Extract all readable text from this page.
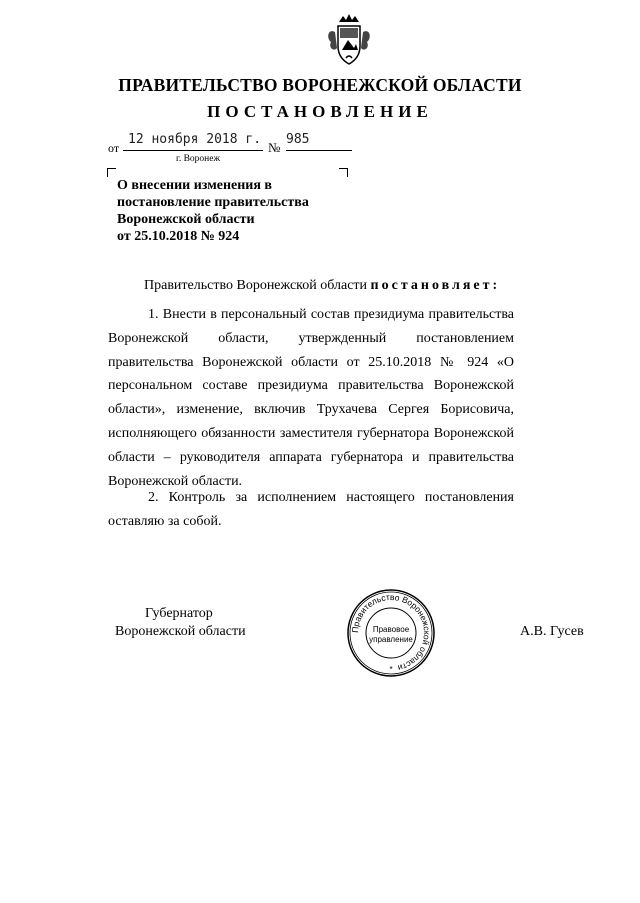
ПРАВИТЕЛЬСТВО ВОРОНЕЖСКОЙ ОБЛАСТИ
ПОСТАНОВЛЕНИЕ
от
12 ноября 2018 г.
№
985
г. Воронеж
О внесении изменения в
постановление правительства
Воронежской области
от 25.10.2018 № 924
Правительство Воронежской области постановляет:
1. Внести в персональный состав президиума правительства Воронежской области, утвержденный постановлением правительства Воронежской области от 25.10.2018 № 924 «О персональном составе президиума правительства Воронежской области», изменение, включив Трухачева Сергея Борисовича, исполняющего обязанности заместителя губернатора Воронежской области – руководителя аппарата губернатора и правительства Воронежской области.
2. Контроль за исполнением настоящего постановления оставляю за собой.
Губернатор
Воронежской области	А.В. Гусев
Правительство Воронежской области
Правовое
управление
*
